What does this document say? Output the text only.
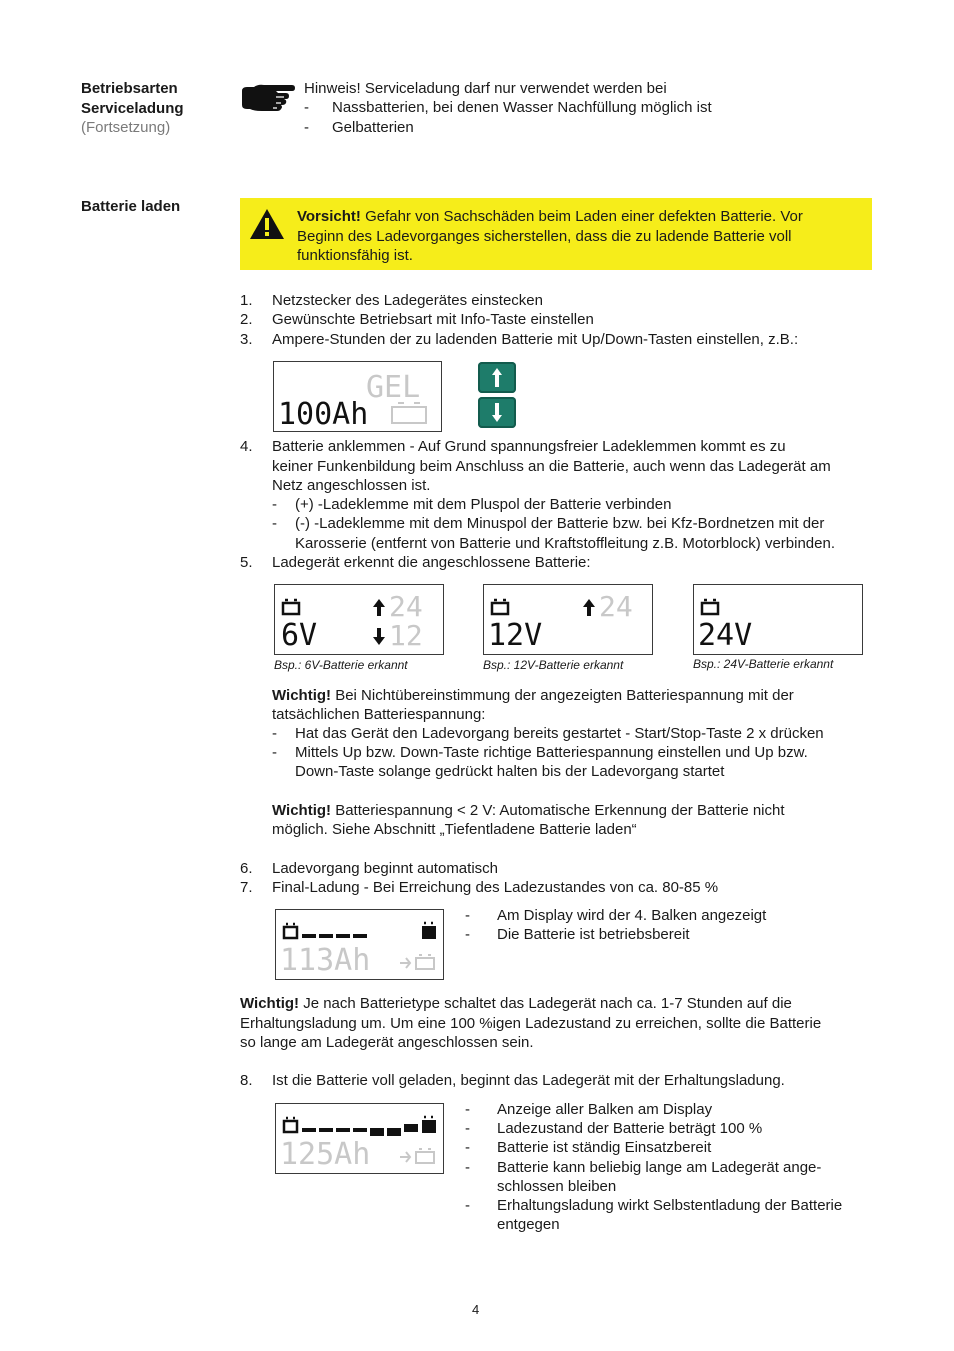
Betriebsarten
Serviceladung
(Fortsetzung)
Batterie laden
Hinweis! Serviceladung darf nur verwendet werden bei
- Nassbatterien, bei denen Wasser Nachfüllung möglich ist
- Gelbatterien
Vorsicht! Gefahr von Sachschäden beim Laden einer defekten Batterie. Vor
Beginn des Ladevorganges sicherstellen, dass die zu ladende Batterie voll
funktionsfähig ist.
1. Netzstecker des Ladegerätes einstecken
2. Gewünschte Betriebsart mit Info-Taste einstellen
3. Ampere-Stunden der zu ladenden Batterie mit Up/Down-Tasten einstellen, z.B.:
GEL
100Ah
4. Batterie anklemmen - Auf Grund spannungsfreier Ladeklemmen kommt es zu
keiner Funkenbildung beim Anschluss an die Batterie, auch wenn das Ladegerät am
Netz angeschlossen ist.
- (+) -Ladeklemme mit dem Pluspol der Batterie verbinden
- (-) -Ladeklemme mit dem Minuspol der Batterie bzw. bei Kfz-Bordnetzen mit der
Karosserie (entfernt von Batterie und Kraftstoffleitung z.B. Motorblock) verbinden.
5. Ladegerät erkennt die angeschlossene Batterie:
6V
24
12
Bsp.: 6V-Batterie erkannt
12V
24
Bsp.: 12V-Batterie erkannt
24V
Bsp.: 24V-Batterie erkannt
Wichtig! Bei Nichtübereinstimmung der angezeigten Batteriespannung mit der
tatsächlichen Batteriespannung:
- Hat das Gerät den Ladevorgang bereits gestartet - Start/Stop-Taste 2 x drücken
- Mittels Up bzw. Down-Taste richtige Batteriespannung einstellen und Up bzw.
Down-Taste solange gedrückt halten bis der Ladevorgang startet
Wichtig! Batteriespannung < 2 V: Automatische Erkennung der Batterie nicht
möglich. Siehe Abschnitt „Tiefentladene Batterie laden“
6. Ladevorgang beginnt automatisch
7. Final-Ladung - Bei Erreichung des Ladezustandes von ca. 80-85 %
113Ah
- Am Display wird der 4. Balken angezeigt
- Die Batterie ist betriebsbereit
Wichtig! Je nach Batterietype schaltet das Ladegerät nach ca. 1-7 Stunden auf die
Erhaltungsladung um. Um eine 100 %igen Ladezustand zu erreichen, sollte die Batterie
so lange am Ladegerät angeschlossen sein.
8. Ist die Batterie voll geladen, beginnt das Ladegerät mit der Erhaltungsladung.
125Ah
- Anzeige aller Balken am Display
- Ladezustand der Batterie beträgt 100 %
- Batterie ist ständig Einsatzbereit
- Batterie kann beliebig lange am Ladegerät ange-
schlossen bleiben
- Erhaltungsladung wirkt Selbstentladung der Batterie
entgegen
4
